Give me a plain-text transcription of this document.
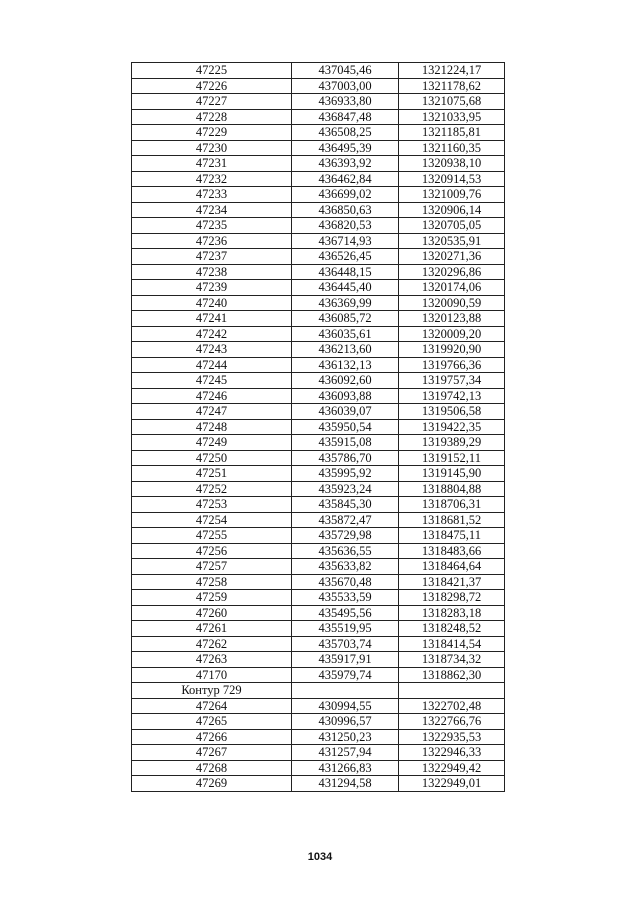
47225	437045,46	1321224,17
47226	437003,00	1321178,62
47227	436933,80	1321075,68
47228	436847,48	1321033,95
47229	436508,25	1321185,81
47230	436495,39	1321160,35
47231	436393,92	1320938,10
47232	436462,84	1320914,53
47233	436699,02	1321009,76
47234	436850,63	1320906,14
47235	436820,53	1320705,05
47236	436714,93	1320535,91
47237	436526,45	1320271,36
47238	436448,15	1320296,86
47239	436445,40	1320174,06
47240	436369,99	1320090,59
47241	436085,72	1320123,88
47242	436035,61	1320009,20
47243	436213,60	1319920,90
47244	436132,13	1319766,36
47245	436092,60	1319757,34
47246	436093,88	1319742,13
47247	436039,07	1319506,58
47248	435950,54	1319422,35
47249	435915,08	1319389,29
47250	435786,70	1319152,11
47251	435995,92	1319145,90
47252	435923,24	1318804,88
47253	435845,30	1318706,31
47254	435872,47	1318681,52
47255	435729,98	1318475,11
47256	435636,55	1318483,66
47257	435633,82	1318464,64
47258	435670,48	1318421,37
47259	435533,59	1318298,72
47260	435495,56	1318283,18
47261	435519,95	1318248,52
47262	435703,74	1318414,54
47263	435917,91	1318734,32
47170	435979,74	1318862,30
Контур 729		
47264	430994,55	1322702,48
47265	430996,57	1322766,76
47266	431250,23	1322935,53
47267	431257,94	1322946,33
47268	431266,83	1322949,42
47269	431294,58	1322949,01
1034
